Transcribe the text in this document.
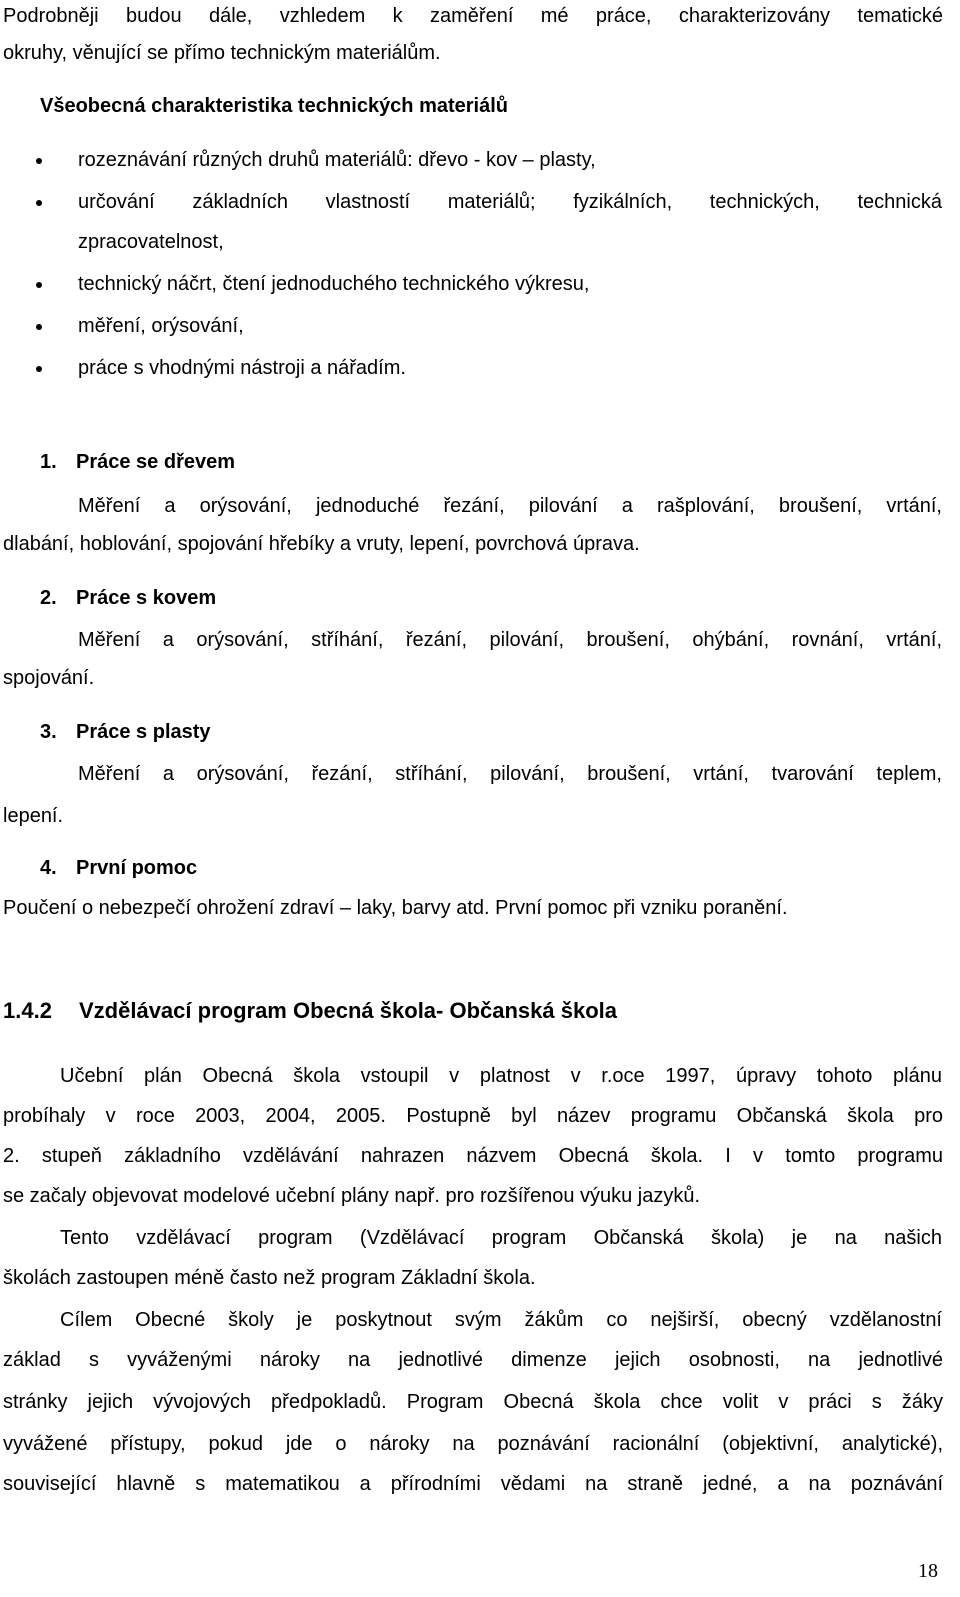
Podrobněji budou dále, vzhledem k zaměření mé práce, charakterizovány tematické

okruhy, věnující se přímo technickým materiálům.

Všeobecná charakteristika technických materiálů

rozeznávání různých druhů materiálů: dřevo - kov – plasty,

určování základních vlastností materiálů; fyzikálních, technických, technická

zpracovatelnost,

technický náčrt, čtení jednoduchého technického výkresu,

měření, orýsování,

práce s vhodnými nástroji a nářadím.

1. Práce se dřevem

Měření a orýsování, jednoduché řezání, pilování a rašplování, broušení, vrtání,

dlabání, hoblování, spojování hřebíky a vruty, lepení, povrchová úprava.

2. Práce s kovem

Měření a orýsování, stříhání, řezání, pilování, broušení, ohýbání, rovnání, vrtání,

spojování.

3. Práce s plasty

Měření a orýsování, řezání, stříhání, pilování, broušení, vrtání, tvarování teplem,

lepení.

4. První pomoc

Poučení o nebezpečí ohrožení zdraví – laky, barvy atd. První pomoc při vzniku poranění.

1.4.2 Vzdělávací program Obecná škola- Občanská škola

Učební plán Obecná škola vstoupil v platnost v r.oce 1997, úpravy tohoto plánu

probíhaly v roce 2003, 2004, 2005. Postupně byl název programu Občanská škola pro

2. stupeň základního vzdělávání nahrazen názvem Obecná škola. I v tomto programu

se začaly objevovat modelové učební plány např. pro rozšířenou výuku jazyků.

Tento vzdělávací program (Vzdělávací program Občanská škola) je na našich

školách zastoupen méně často než program Základní škola.

Cílem Obecné školy je poskytnout svým žákům co nejširší, obecný vzdělanostní

základ s vyváženými nároky na jednotlivé dimenze jejich osobnosti, na jednotlivé

stránky jejich vývojových předpokladů. Program Obecná škola chce volit v práci s žáky

vyvážené přístupy, pokud jde o nároky na poznávání racionální (objektivní, analytické),

související hlavně s matematikou a přírodními vědami na straně jedné, a na poznávání

18
